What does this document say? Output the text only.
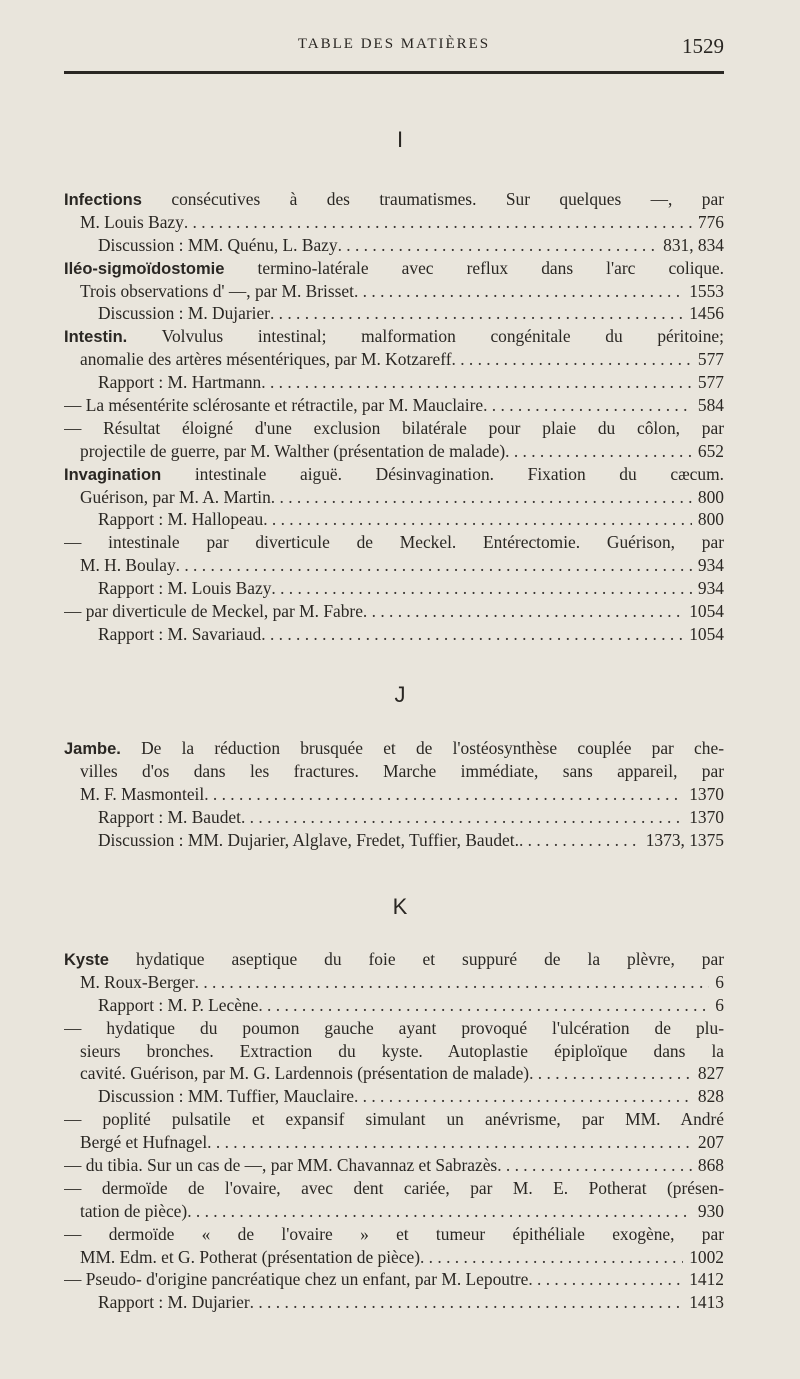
TABLE DES MATIÈRES	1529
I
Infections consécutives à des traumatismes. Sur quelques —, par
M. Louis Bazy . . .	776
Discussion : MM. Quénu, L. Bazy . . .	831, 834
Iléo-sigmoïdostomie termino-latérale avec reflux dans l'arc colique.
Trois observations d' —, par M. Brisset . . .	1553
Discussion : M. Dujarier . . .	1456
Intestin. Volvulus intestinal; malformation congénitale du péritoine;
anomalie des artères mésentériques, par M. Kotzareff . . .	577
Rapport : M. Hartmann . . .	577
— La mésentérite sclérosante et rétractile, par M. Mauclaire . . .	584
— Résultat éloigné d'une exclusion bilatérale pour plaie du côlon, par
projectile de guerre, par M. Walther (présentation de malade) . . .	652
Invagination intestinale aiguë. Désinvagination. Fixation du cæcum.
Guérison, par M. A. Martin . . .	800
Rapport : M. Hallopeau . . .	800
— intestinale par diverticule de Meckel. Entérectomie. Guérison, par
M. H. Boulay . . .	934
Rapport : M. Louis Bazy . . .	934
— par diverticule de Meckel, par M. Fabre . . .	1054
Rapport : M. Savariaud . . .	1054
J
Jambe. De la réduction brusquée et de l'ostéosynthèse couplée par che-
villes d'os dans les fractures. Marche immédiate, sans appareil, par
M. F. Masmonteil . . .	1370
Rapport : M. Baudet . . .	1370
Discussion : MM. Dujarier, Alglave, Fredet, Tuffier, Baudet. . . .	1373, 1375
K
Kyste hydatique aseptique du foie et suppuré de la plèvre, par
M. Roux-Berger . . .	6
Rapport : M. P. Lecène . . .	6
— hydatique du poumon gauche ayant provoqué l'ulcération de plu-
sieurs bronches. Extraction du kyste. Autoplastie épiploïque dans la
cavité. Guérison, par M. G. Lardennois (présentation de malade) . . .	827
Discussion : MM. Tuffier, Mauclaire . . .	828
— poplité pulsatile et expansif simulant un anévrisme, par MM. André
Bergé et Hufnagel . . .	207
— du tibia. Sur un cas de —, par MM. Chavannaz et Sabrazès . . .	868
— dermoïde de l'ovaire, avec dent cariée, par M. E. Potherat (présen-
tation de pièce) . . .	930
— dermoïde « de l'ovaire » et tumeur épithéliale exogène, par
MM. Edm. et G. Potherat (présentation de pièce) . . .	1002
— Pseudo- d'origine pancréatique chez un enfant, par M. Lepoutre . . .	1412
Rapport : M. Dujarier . . .	1413
